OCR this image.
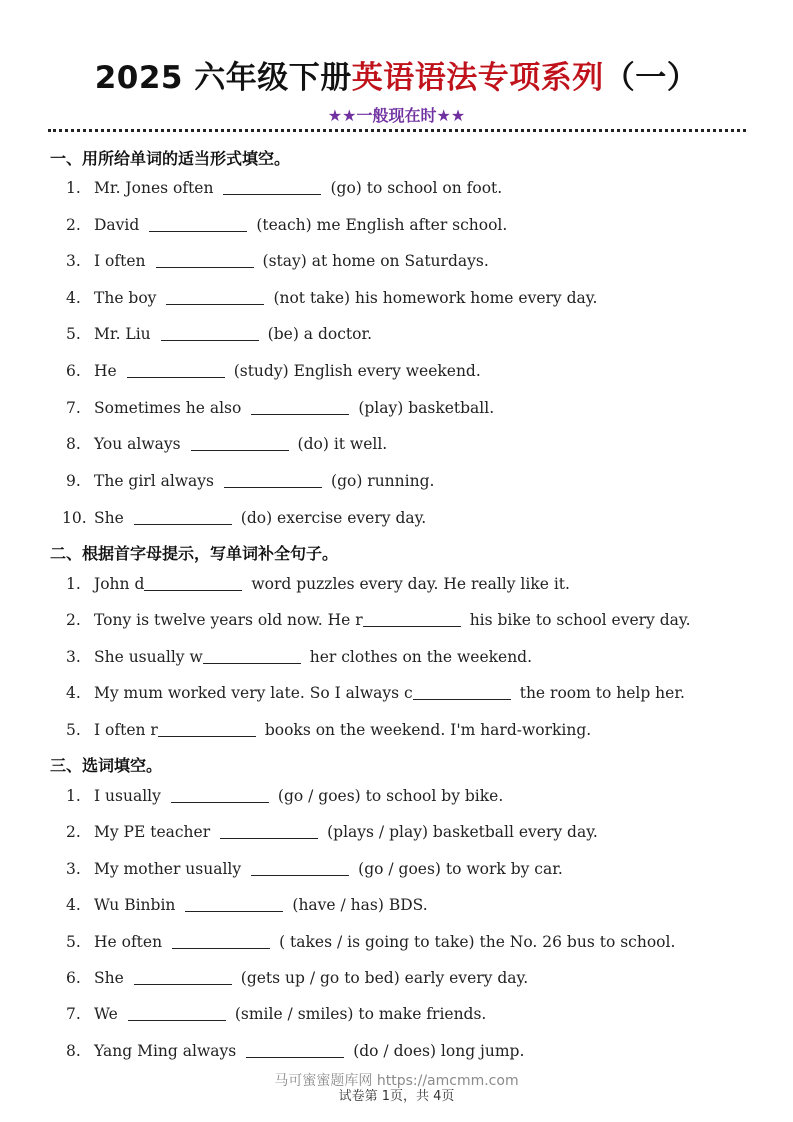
2025 六年级下册英语语法专项系列（一）
★★一般现在时★★
一、用所给单词的适当形式填空。
1. Mr. Jones often	(go) to school on foot.
2. David	(teach) me English after school.
3. I often	(stay) at home on Saturdays.
4. The boy	(not take) his homework home every day.
5. Mr. Liu	(be) a doctor.
6. He	(study) English every weekend.
7. Sometimes he also	(play) basketball.
8. You always	(do) it well.
9. The girl always	(go) running.
10. She	(do) exercise every day.
二、根据首字母提示，写单词补全句子。
1. John d	word puzzles every day. He really like it.
2. Tony is twelve years old now. He r	his bike to school every day.
3. She usually w	her clothes on the weekend.
4. My mum worked very late. So I always c	the room to help her.
5. I often r	books on the weekend. I'm hard-working.
三、选词填空。
1. I usually	(go / goes) to school by bike.
2. My PE teacher	(plays / play) basketball every day.
3. My mother usually	(go / goes) to work by car.
4. Wu Binbin	(have / has) BDS.
5. He often	( takes / is going to take) the No. 26 bus to school.
6. She	(gets up / go to bed) early every day.
7. We	(smile / smiles) to make friends.
8. Yang Ming always	(do / does) long jump.
马可蜜蜜题库网 https://amcmm.com
试卷第 1页，共 4页
